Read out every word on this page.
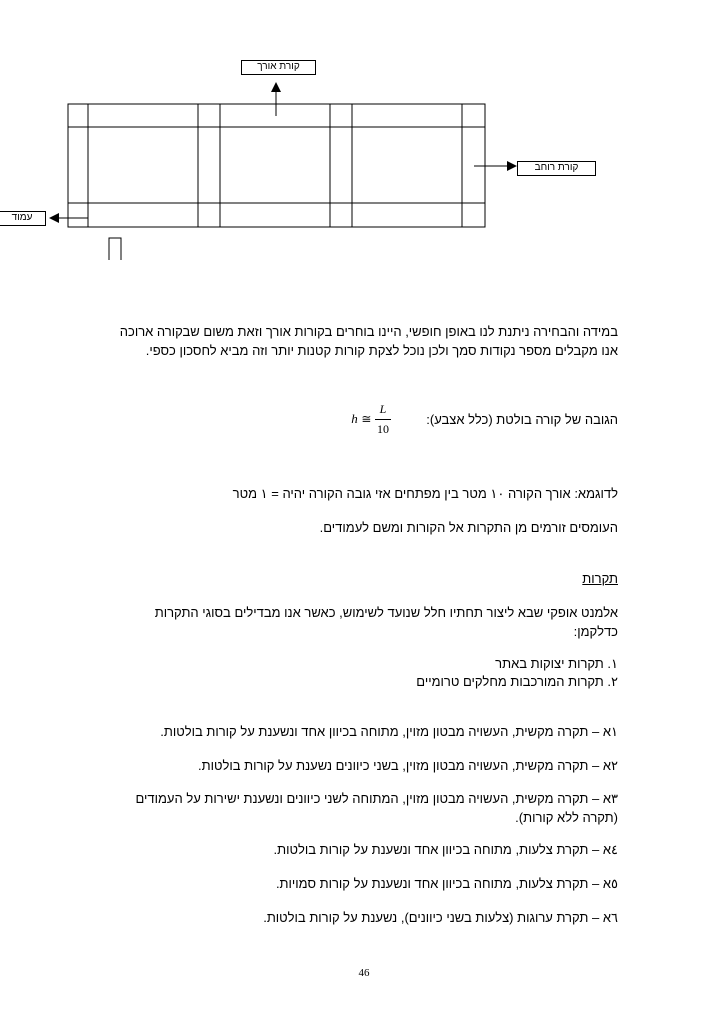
קורת אורך
קורת רוחב
עמוד
במידה והבחירה ניתנת לנו באופן חופשי, היינו בוחרים בקורות אורך וזאת משום שבקורה ארוכה אנו מקבלים מספר נקודות סמך ולכן נוכל לצקת קורות קטנות יותר וזה מביא לחסכון כספי.
הגובה של קורה בולטת (כלל אצבע):  h ≅ $\frac{L}{10}$
לדוגמא: אורך הקורה ١٠ מטר בין מפתחים אזי גובה הקורה יהיה = ١ מטר
העומסים זורמים מן התקרות אל הקורות ומשם לעמודים.
תקרות
אלמנט אופקי שבא ליצור תחתיו חלל שנועד לשימוש, כאשר אנו מבדילים בסוגי התקרות כדלקמן:
١. תקרות יצוקות באתר
٢. תקרות המורכבות מחלקים טרומיים
١א – תקרה מקשית, העשויה מבטון מזוין, מתוחה בכיוון אחד ונשענת על קורות בולטות.
٢א – תקרה מקשית, העשויה מבטון מזוין, בשני כיוונים נשענת על קורות בולטות.
٣א – תקרה מקשית, העשויה מבטון מזוין, המתוחה לשני כיוונים ונשענת ישירות על העמודים (תקרה ללא קורות).
٤א – תקרת צלעות, מתוחה בכיוון אחד ונשענת על קורות בולטות.
٥א – תקרת צלעות, מתוחה בכיוון אחד ונשענת על קורות סמויות.
٦א – תקרת ערוגות (צלעות בשני כיוונים), נשענת על קורות בולטות.
46
